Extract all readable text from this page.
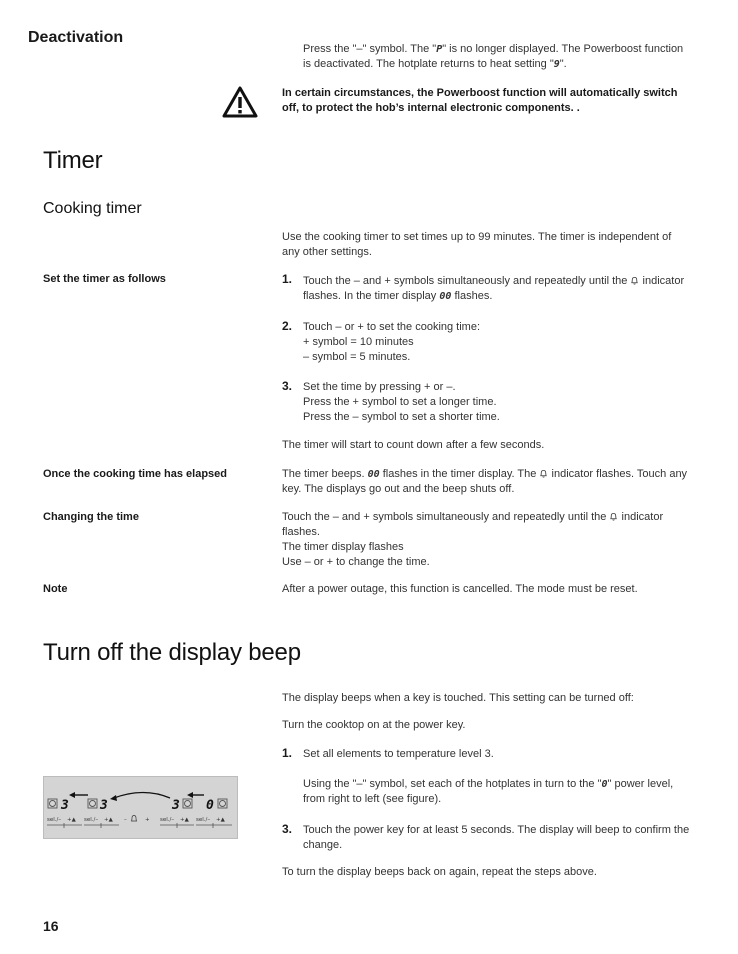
Deactivation
Press the "–" symbol. The "P" is no longer displayed. The Powerboost function
is deactivated. The hotplate returns to heat setting "9".
In certain circumstances, the Powerboost function will automatically switch
off, to protect the hob’s internal electronic components. .
Timer
Cooking timer
Use the cooking timer to set times up to 99 minutes. The timer is independent of
any other settings.
Set the timer as follows	1. Touch the – and + symbols simultaneously and repeatedly until the indicator
flashes. In the timer display 00 flashes.
2. Touch – or + to set the cooking time:
+ symbol = 10 minutes
– symbol = 5 minutes.
3. Set the time by pressing + or –.
Press the + symbol to set a longer time.
Press the – symbol to set a shorter time.
The timer will start to count down after a few seconds.
Once the cooking time has elapsed	The timer beeps. 00 flashes in the timer display. The indicator flashes. Touch any
key. The displays go out and the beep shuts off.
Changing the time	Touch the – and + symbols simultaneously and repeatedly until the indicator
flashes.
The timer display flashes
Use – or + to change the time.
Note	After a power outage, this function is cancelled. The mode must be reset.
Turn off the display beep
The display beeps when a key is touched. This setting can be turned off:
Turn the cooktop on at the power key.
1. Set all elements to temperature level 3.
Using the "–" symbol, set each of the hotplates in turn to the "0" power level,
from right to left (see figure).
3. Touch the power key for at least 5 seconds. The display will beep to confirm the
change.
To turn the display beeps back on again, repeat the steps above.
3 3	3 0
sel./– +▲ sel./– +▲ –	+ sel./– +▲ sel./– +▲
16
